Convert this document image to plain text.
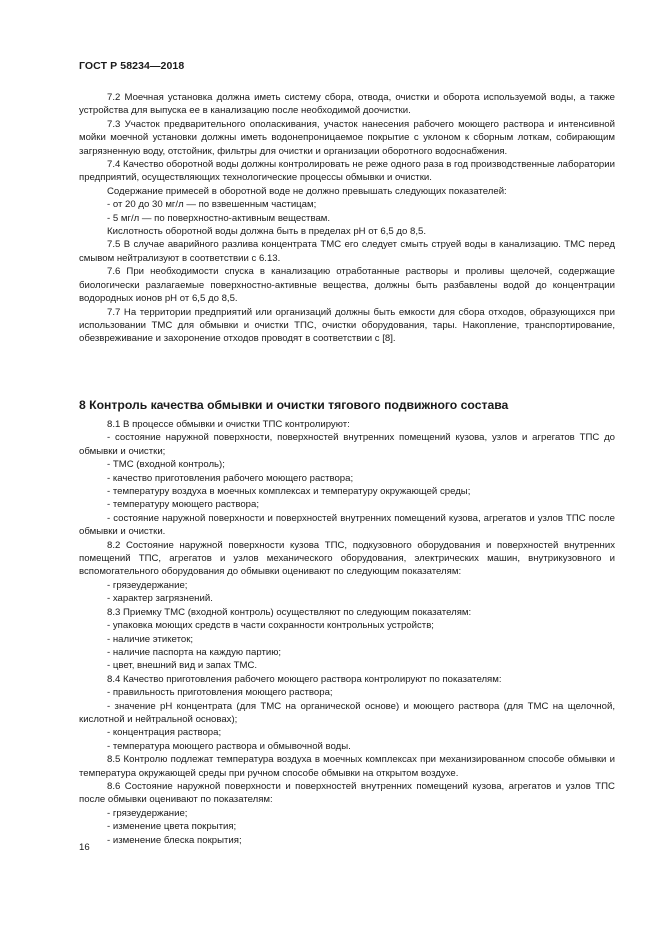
ГОСТ Р 58234—2018

7.2 Моечная установка должна иметь систему сбора, отвода, очистки и оборота используемой воды, а также устройства для выпуска ее в канализацию после необходимой доочистки.

7.3 Участок предварительного ополаскивания, участок нанесения рабочего моющего раствора и интенсивной мойки моечной установки должны иметь водонепроницаемое покрытие с уклоном к сборным лоткам, собирающим загрязненную воду, отстойник, фильтры для очистки и организации оборотного водоснабжения.

7.4 Качество оборотной воды должны контролировать не реже одного раза в год производственные лаборатории предприятий, осуществляющих технологические процессы обмывки и очистки.

Содержание примесей в оборотной воде не должно превышать следующих показателей:

- от 20 до 30 мг/л — по взвешенным частицам;

- 5 мг/л — по поверхностно-активным веществам.

Кислотность оборотной воды должна быть в пределах pH от 6,5 до 8,5.

7.5 В случае аварийного разлива концентрата ТМС его следует смыть струей воды в канализацию. ТМС перед смывом нейтрализуют в соответствии с 6.13.

7.6 При необходимости спуска в канализацию отработанные растворы и проливы щелочей, содержащие биологически разлагаемые поверхностно-активные вещества, должны быть разбавлены водой до концентрации водородных ионов pH от 6,5 до 8,5.

7.7 На территории предприятий или организаций должны быть емкости для сбора отходов, образующихся при использовании ТМС для обмывки и очистки ТПС, очистки оборудования, тары. Накопление, транспортирование, обезвреживание и захоронение отходов проводят в соответствии с [8].

8 Контроль качества обмывки и очистки тягового подвижного состава

8.1 В процессе обмывки и очистки ТПС контролируют:

- состояние наружной поверхности, поверхностей внутренних помещений кузова, узлов и агрегатов ТПС до обмывки и очистки;

- ТМС (входной контроль);

- качество приготовления рабочего моющего раствора;

- температуру воздуха в моечных комплексах и температуру окружающей среды;

- температуру моющего раствора;

- состояние наружной поверхности и поверхностей внутренних помещений кузова, агрегатов и узлов ТПС после обмывки и очистки.

8.2 Состояние наружной поверхности кузова ТПС, подкузовного оборудования и поверхностей внутренних помещений ТПС, агрегатов и узлов механического оборудования, электрических машин, внутрикузовного и вспомогательного оборудования до обмывки оценивают по следующим показателям:

- грязеудержание;

- характер загрязнений.

8.3 Приемку ТМС (входной контроль) осуществляют по следующим показателям:

- упаковка моющих средств в части сохранности контрольных устройств;

- наличие этикеток;

- наличие паспорта на каждую партию;

- цвет, внешний вид и запах ТМС.

8.4 Качество приготовления рабочего моющего раствора контролируют по показателям:

- правильность приготовления моющего раствора;

- значение pH концентрата (для ТМС на органической основе) и моющего раствора (для ТМС на щелочной, кислотной и нейтральной основах);

- концентрация раствора;

- температура моющего раствора и обмывочной воды.

8.5 Контролю подлежат температура воздуха в моечных комплексах при механизированном способе обмывки и температура окружающей среды при ручном способе обмывки на открытом воздухе.

8.6 Состояние наружной поверхности и поверхностей внутренних помещений кузова, агрегатов и узлов ТПС после обмывки оценивают по показателям:

- грязеудержание;

- изменение цвета покрытия;

- изменение блеска покрытия;

16
